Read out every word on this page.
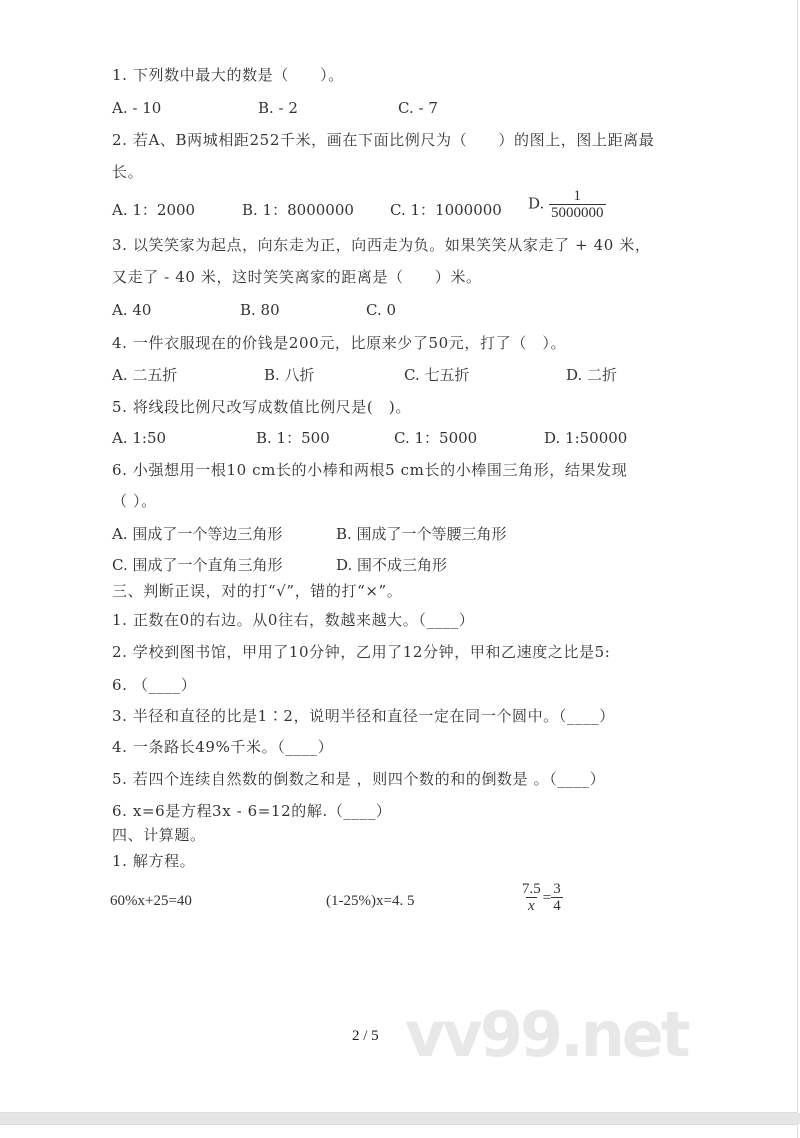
1. 下列数中最大的数是（　　）。
A. - 10	B. - 2	C. - 7
2. 若A、B两城相距252千米，画在下面比例尺为（　　）的图上，图上距离最
长。
A. 1：2000	B. 1：8000000 C. 1：1000000 D. $\frac{1}{5000000}$
3. 以笑笑家为起点，向东走为正，向西走为负。如果笑笑从家走了 + 40 米，
又走了 - 40 米，这时笑笑离家的距离是（　　）米。
A. 40	B. 80	C. 0
4. 一件衣服现在的价钱是200元，比原来少了50元，打了（　）。
A. 二五折	B. 八折	C. 七五折	D. 二折
5. 将线段比例尺改写成数值比例尺是(　)。
A. 1:50	B. 1：500	C. 1：5000	D. 1:50000
6. 小强想用一根10 cm长的小棒和两根5 cm长的小棒围三角形，结果发现
（ ）。
A. 围成了一个等边三角形	B. 围成了一个等腰三角形
C. 围成了一个直角三角形	D. 围不成三角形
三、判断正误，对的打“√”，错的打“×”。
1. 正数在0的右边。从0往右，数越来越大。（____）
2. 学校到图书馆，甲用了10分钟，乙用了12分钟，甲和乙速度之比是5:
6. （____）
3. 半径和直径的比是1∶2，说明半径和直径一定在同一个圆中。（____）
4. 一条路长49%千米。（____）
5. 若四个连续自然数的倒数之和是 ，则四个数的和的倒数是 。（____）
6. x=6是方程3x - 6=12的解.（____）
四、计算题。
1. 解方程。
60%x+25=40	(1-25%)x=4. 5	$\frac{7.5}{x} = \frac{3}{4}$
vv99.net
2 / 5
